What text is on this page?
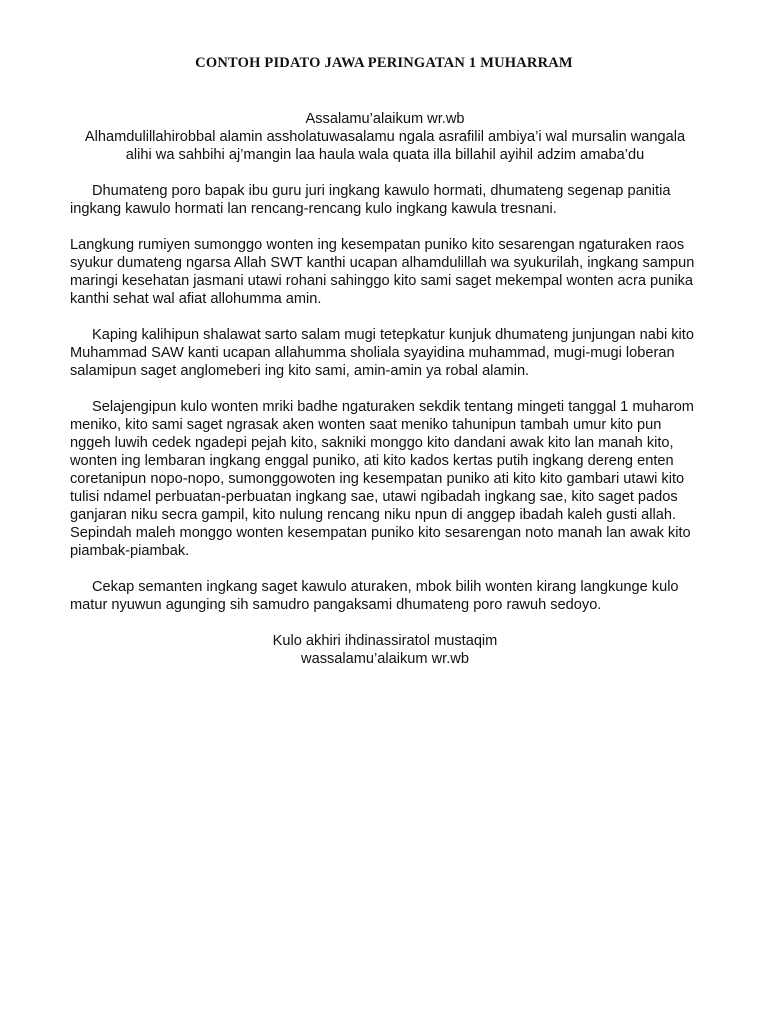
CONTOH PIDATO JAWA PERINGATAN 1 MUHARRAM

Assalamu’alaikum wr.wb

Alhamdulillahirobbal alamin assholatuwasalamu ngala asrafilil ambiya’i wal mursalin wangala

alihi wa sahbihi aj’mangin laa haula wala quata illa billahil ayihil adzim amaba’du

Dhumateng poro bapak ibu guru juri ingkang kawulo hormati, dhumateng segenap panitia ingkang kawulo hormati lan rencang-rencang kulo ingkang kawula tresnani.

Langkung rumiyen sumonggo wonten ing kesempatan puniko kito sesarengan ngaturaken raos syukur dumateng ngarsa Allah SWT kanthi ucapan alhamdulillah wa syukurilah, ingkang sampun maringi kesehatan jasmani utawi rohani sahinggo kito sami saget mekempal wonten acra punika kanthi sehat wal afiat allohumma amin.

Kaping kalihipun shalawat sarto salam mugi tetepkatur kunjuk dhumateng junjungan nabi kito Muhammad SAW kanti ucapan allahumma sholiala syayidina muhammad, mugi-mugi loberan salamipun saget anglomeberi ing kito sami, amin-amin ya robal alamin.

Selajengipun kulo wonten mriki badhe ngaturaken sekdik tentang mingeti tanggal 1 muharom meniko, kito sami saget ngrasak aken wonten saat meniko tahunipun tambah umur kito pun nggeh luwih cedek ngadepi pejah kito, sakniki monggo kito dandani awak kito lan manah kito, wonten ing lembaran ingkang enggal puniko, ati kito kados kertas putih ingkang dereng enten coretanipun nopo-nopo, sumonggowoten ing kesempatan puniko ati kito kito gambari utawi kito tulisi ndamel perbuatan-perbuatan ingkang sae, utawi ngibadah ingkang sae, kito saget pados ganjaran niku secra gampil, kito nulung rencang niku npun di anggep ibadah kaleh gusti allah. Sepindah maleh monggo wonten kesempatan puniko kito sesarengan noto manah lan awak kito piambak-piambak.

Cekap semanten ingkang saget kawulo aturaken, mbok bilih wonten kirang langkunge kulo matur nyuwun agunging sih samudro pangaksami dhumateng poro rawuh sedoyo.

Kulo akhiri ihdinassiratol mustaqim

wassalamu’alaikum wr.wb
